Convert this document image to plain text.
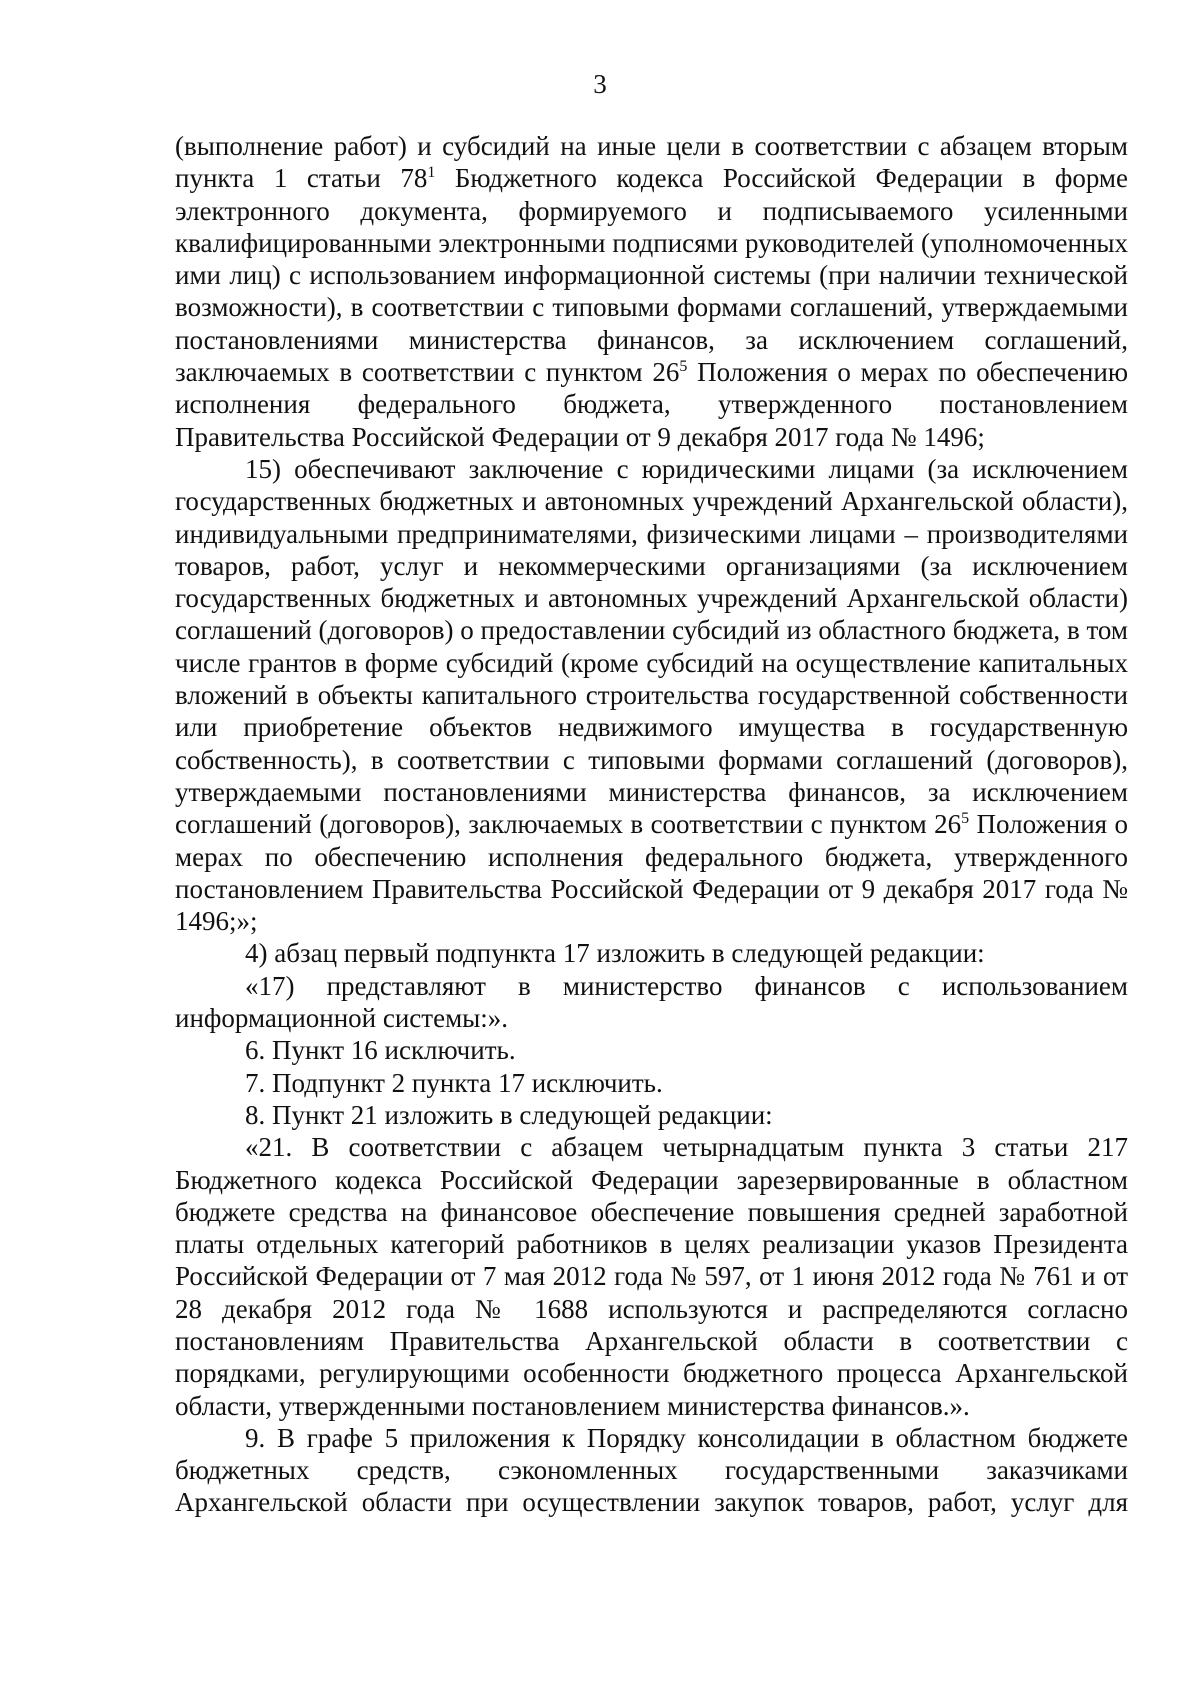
3

(выполнение работ) и субсидий на иные цели в соответствии с абзацем вторым пункта 1 статьи $78^1$ Бюджетного кодекса Российской Федерации в форме электронного документа, формируемого и подписываемого усиленными квалифицированными электронными подписями руководителей (уполномоченных ими лиц) с использованием информационной системы (при наличии технической возможности), в соответствии с типовыми формами соглашений, утверждаемыми постановлениями министерства финансов, за исключением соглашений, заключаемых в соответствии с пунктом $26^5$ Положения о мерах по обеспечению исполнения федерального бюджета, утвержденного постановлением Правительства Российской Федерации от 9 декабря 2017 года № 1496;

15) обеспечивают заключение с юридическими лицами (за исключением государственных бюджетных и автономных учреждений Архангельской области), индивидуальными предпринимателями, физическими лицами – производителями товаров, работ, услуг и некоммерческими организациями (за исключением государственных бюджетных и автономных учреждений Архангельской области) соглашений (договоров) о предоставлении субсидий из областного бюджета, в том числе грантов в форме субсидий (кроме субсидий на осуществление капитальных вложений в объекты капитального строительства государственной собственности или приобретение объектов недвижимого имущества в государственную собственность), в соответствии с типовыми формами соглашений (договоров), утверждаемыми постановлениями министерства финансов, за исключением соглашений (договоров), заключаемых в соответствии с пунктом $26^5$ Положения о мерах по обеспечению исполнения федерального бюджета, утвержденного постановлением Правительства Российской Федерации от 9 декабря 2017 года № 1496;»;

4) абзац первый подпункта 17 изложить в следующей редакции:

«17) представляют в министерство финансов с использованием информационной системы:».

6. Пункт 16 исключить.

7. Подпункт 2 пункта 17 исключить.

8. Пункт 21 изложить в следующей редакции:

«21. В соответствии с абзацем четырнадцатым пункта 3 статьи 217 Бюджетного кодекса Российской Федерации зарезервированные в областном бюджете средства на финансовое обеспечение повышения средней заработной платы отдельных категорий работников в целях реализации указов Президента Российской Федерации от 7 мая 2012 года № 597, от 1 июня 2012 года № 761 и от 28 декабря 2012 года № 1688 используются и распределяются согласно постановлениям Правительства Архангельской области в соответствии с порядками, регулирующими особенности бюджетного процесса Архангельской области, утвержденными постановлением министерства финансов.».

9. В графе 5 приложения к Порядку консолидации в областном бюджете бюджетных средств, сэкономленных государственными заказчиками Архангельской области при осуществлении закупок товаров, работ, услуг для
